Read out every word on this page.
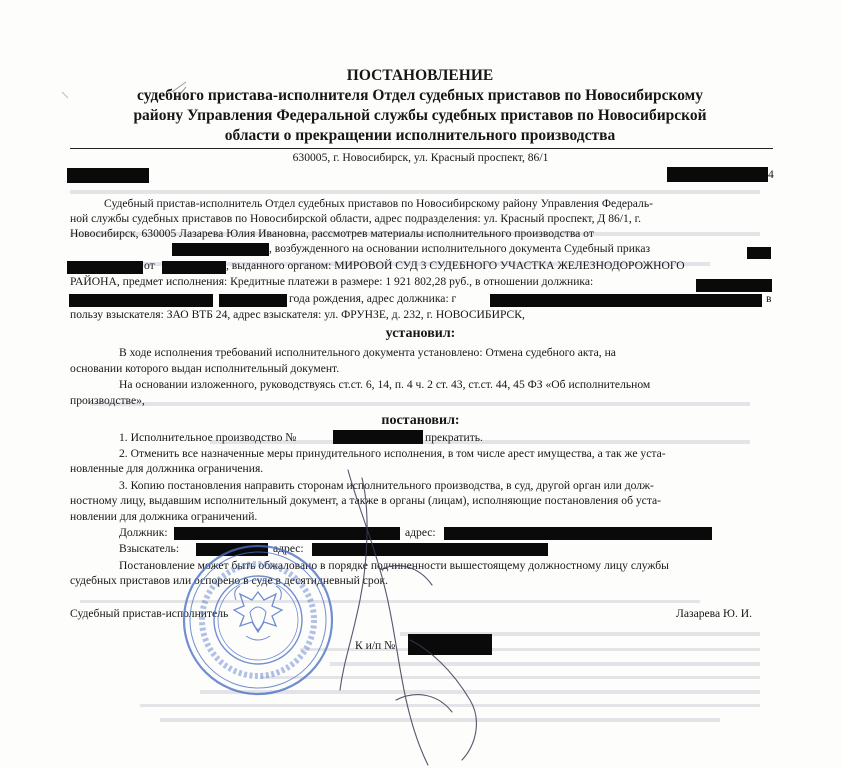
ПОСТАНОВЛЕНИЕ
судебного пристава-исполнителя Отдел судебных приставов по Новосибирскому
району Управления Федеральной службы судебных приставов по Новосибирской
области о прекращении исполнительного производства
630005, г. Новосибирск, ул. Красный проспект, 86/1
4
Судебный пристав-исполнитель Отдел судебных приставов по Новосибирскому району Управления Федераль-
ной службы судебных приставов по Новосибирской области, адрес подразделения: ул. Красный проспект, Д 86/1, г.
Новосибирск, 630005 Лазарева Юлия Ивановна, рассмотрев материалы исполнительного производства от
, возбужденного на основании исполнительного документа Судебный приказ
от	, выданного органом: МИРОВОЙ СУД 3 СУДЕБНОГО УЧАСТКА ЖЕЛЕЗНОДОРОЖНОГО
РАЙОНА, предмет исполнения: Кредитные платежи в размере: 1 921 802,28 руб., в отношении должника:
года рождения, адрес должника: г	в
пользу взыскателя: ЗАО ВТБ 24, адрес взыскателя: ул. ФРУНЗЕ, д. 232, г. НОВОСИБИРСК,
установил:
В ходе исполнения требований исполнительного документа установлено: Отмена судебного акта, на
основании которого выдан исполнительный документ.
На основании изложенного, руководствуясь ст.ст. 6, 14, п. 4 ч. 2 ст. 43, ст.ст. 44, 45 ФЗ «Об исполнительном
производстве»,
постановил:
1. Исполнительное производство №	прекратить.
2. Отменить все назначенные меры принудительного исполнения, в том числе арест имущества, а так же уста-
новленные для должника ограничения.
3. Копию постановления направить сторонам исполнительного производства, в суд, другой орган или долж-
ностному лицу, выдавшим исполнительный документ, а также в органы (лицам), исполняющие постановления об уста-
новлении для должника ограничений.
Должник:	адрес:
Взыскатель:	адрес:
Постановление может быть обжаловано в порядке подчиненности вышестоящему должностному лицу службы
судебных приставов или оспорено в суде в десятидневный срок.
Судебный пристав-исполнитель	Лазарева Ю. И.
К и/п №
